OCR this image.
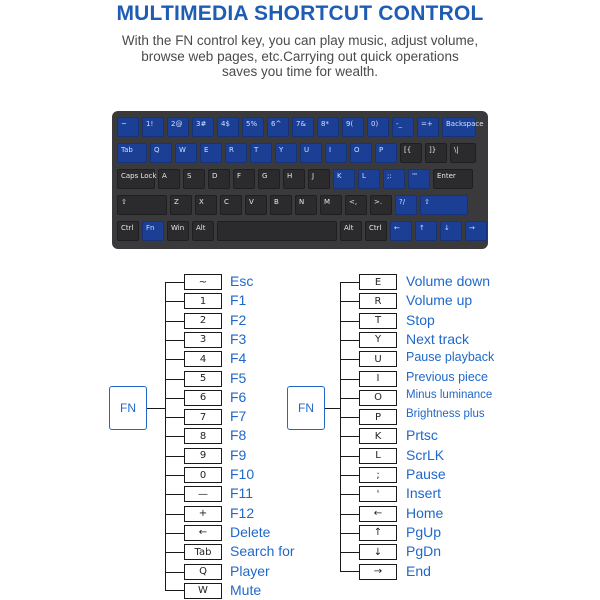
MULTIMEDIA SHORTCUT CONTROL
With the FN control key, you can play music, adjust volume,
browse web pages, etc.Carrying out quick operations
saves you time for wealth.
~	1!	2@	3#	4$	5%	6^	7&	8*	9(	0)	-_	=+	Backspace
Tab	Q	W	E	R	T	Y	U	I	O	P	[{	]}	\|
Caps Lock A	S	D	F	G	H	J	K	L	;:	'"	Enter
⇧	Z	X	C	V	B	N	M	<,	>.	?/	⇧
Ctrl Fn	Win Alt	Alt	Ctrl ←	↑	↓	→
FN	FN
~	Esc
1	F1
2	F2
3	F3
4	F4
5	F5
6	F6
7	F7
8	F8
9	F9
0	F10
—	F11
+	F12
←	Delete
Tab	Search for
Q	Player
W	Mute
E	Volume down
R	Volume up
T	Stop
Y	Next track
U	Pause playback
I	Previous piece
O	Minus luminance
P	Brightness plus
K	Prtsc
L	ScrLK
;	Pause
'	Insert
←	Home
↑	PgUp
↓	PgDn
→	End
